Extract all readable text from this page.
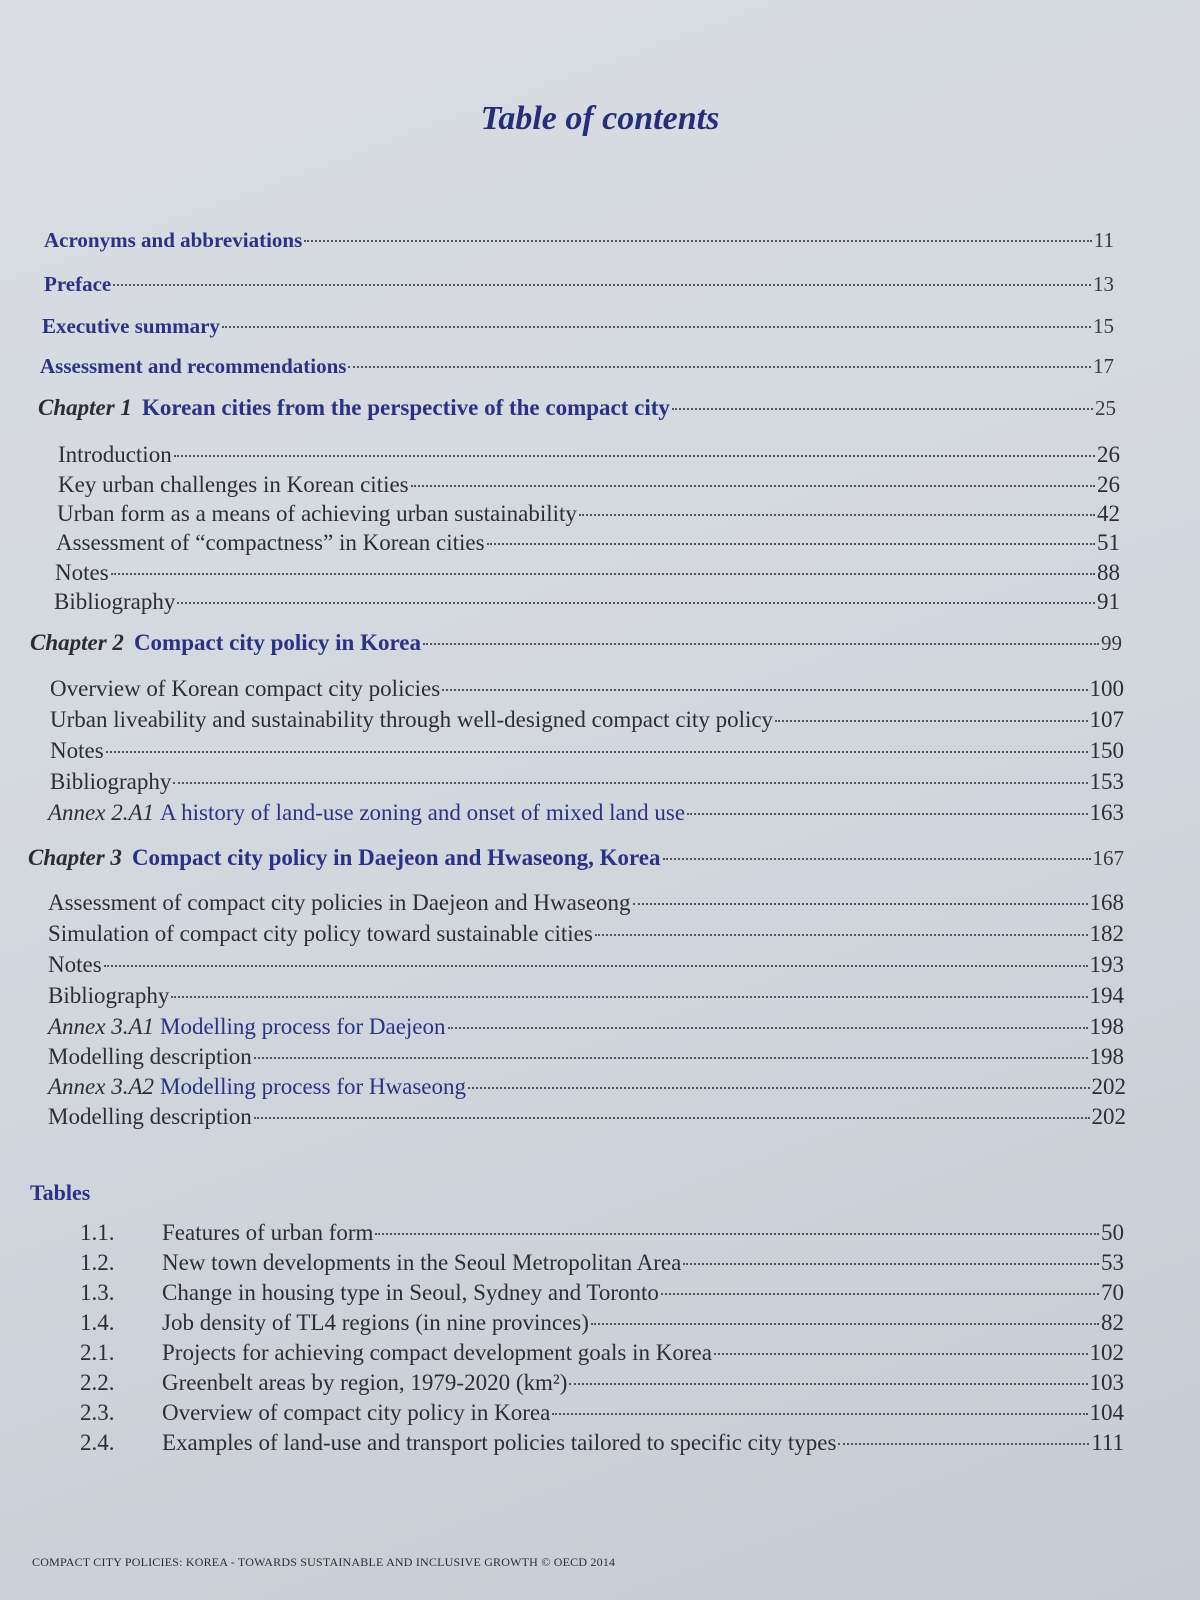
Table of contents
Acronyms and abbreviations	11
Preface	13
Executive summary	15
Assessment and recommendations	17
Chapter 1 Korean cities from the perspective of the compact city	25
Introduction	26
Key urban challenges in Korean cities	26
Urban form as a means of achieving urban sustainability	42
Assessment of “compactness” in Korean cities	51
Notes	88
Bibliography	91
Chapter 2 Compact city policy in Korea	99
Overview of Korean compact city policies	100
Urban liveability and sustainability through well-designed compact city policy	107
Notes	150
Bibliography	153
Annex 2.A1 A history of land-use zoning and onset of mixed land use	163
Chapter 3 Compact city policy in Daejeon and Hwaseong, Korea	167
Assessment of compact city policies in Daejeon and Hwaseong	168
Simulation of compact city policy toward sustainable cities	182
Notes	193
Bibliography	194
Annex 3.A1 Modelling process for Daejeon	198
Modelling description	198
Annex 3.A2 Modelling process for Hwaseong	202
Modelling description	202
Tables
1.1.	Features of urban form	50
1.2.	New town developments in the Seoul Metropolitan Area	53
1.3.	Change in housing type in Seoul, Sydney and Toronto	70
1.4.	Job density of TL4 regions (in nine provinces)	82
2.1.	Projects for achieving compact development goals in Korea	102
2.2.	Greenbelt areas by region, 1979-2020 (km²)	103
2.3.	Overview of compact city policy in Korea	104
2.4.	Examples of land-use and transport policies tailored to specific city types	111
COMPACT CITY POLICIES: KOREA - TOWARDS SUSTAINABLE AND INCLUSIVE GROWTH © OECD 2014
